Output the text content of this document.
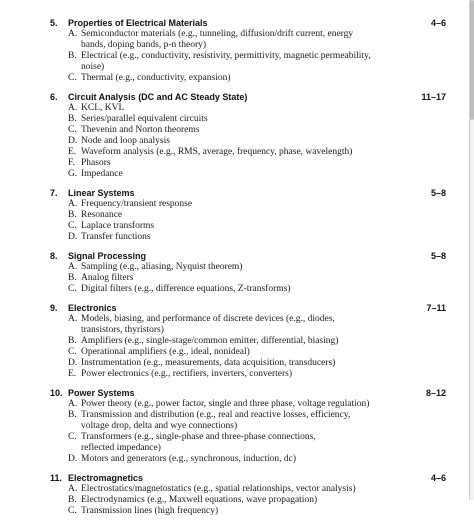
5. Properties of Electrical Materials	4–6
A. Semiconductor materials (e.g., tunneling, diffusion/drift current, energy
bands, doping bands, p-n theory)
B. Electrical (e.g., conductivity, resistivity, permittivity, magnetic permeability,
noise)
C. Thermal (e.g., conductivity, expansion)
6. Circuit Analysis (DC and AC Steady State)	11–17
A. KCL, KVL
B. Series/parallel equivalent circuits
C. Thevenin and Norton theorems
D. Node and loop analysis
E. Waveform analysis (e.g., RMS, average, frequency, phase, wavelength)
F. Phasors
G. Impedance
7. Linear Systems	5–8
A. Frequency/transient response
B. Resonance
C. Laplace transforms
D. Transfer functions
8. Signal Processing	5–8
A. Sampling (e.g., aliasing, Nyquist theorem)
B. Analog filters
C. Digital filters (e.g., difference equations, Z-transforms)
9. Electronics	7–11
A. Models, biasing, and performance of discrete devices (e.g., diodes,
transistors, thyristors)
B. Amplifiers (e.g., single-stage/common emitter, differential, biasing)
C. Operational amplifiers (e.g., ideal, nonideal)
D. Instrumentation (e.g., measurements, data acquisition, transducers)
E. Power electronics (e.g., rectifiers, inverters, converters)
10. Power Systems	8–12
A. Power theory (e.g., power factor, single and three phase, voltage regulation)
B. Transmission and distribution (e.g., real and reactive losses, efficiency,
voltage drop, delta and wye connections)
C. Transformers (e.g., single-phase and three-phase connections,
reflected impedance)
D. Motors and generators (e.g., synchronous, induction, dc)
11. Electromagnetics	4–6
A. Electrostatics/magnetostatics (e.g., spatial relationships, vector analysis)
B. Electrodynamics (e.g., Maxwell equations, wave propagation)
C. Transmission lines (high frequency)
